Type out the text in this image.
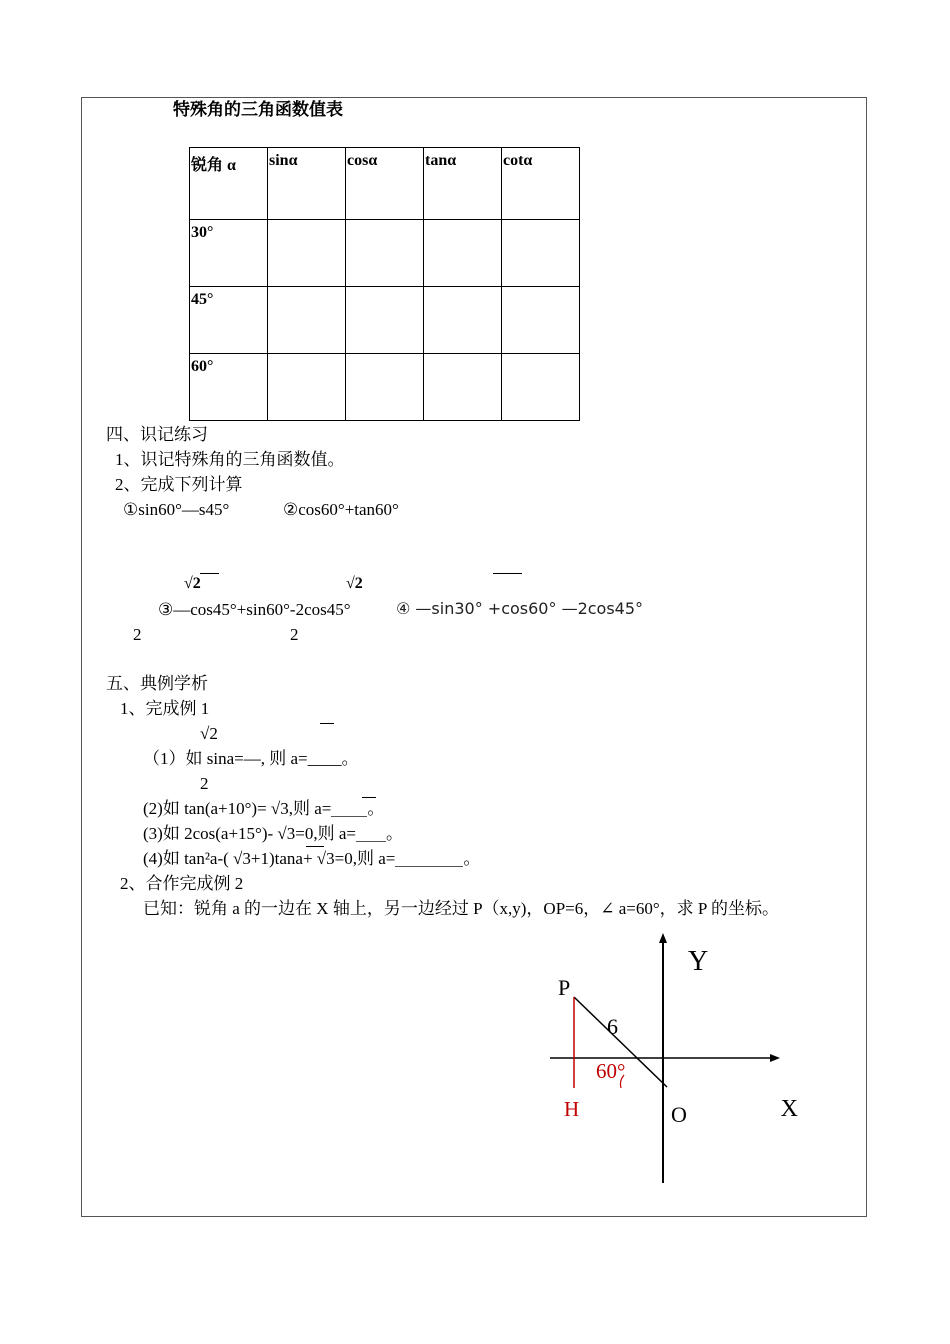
特殊角的三角函数值表
锐角 α	sinα	cosα	tanα	cotα
30°				
45°				
60°				
四、识记练习
1、识记特殊角的三角函数值。
2、完成下列计算
①sin60°—s45°	②cos60°+tan60°
√2	√2
③—cos45°+sin60°-2cos45°	④ —sin30° +cos60° —2cos45°
2	2
五、典例学析
1、完成例 1
√2
（1）如 sina=—, 则 a=____。
2
(2)如 tan(a+10°)= √3,则 a= 。
(3)如 2cos(a+15°)- √3=0,则 a= 。
(4)如 tan²a-( √3+1)tana+ √3=0,则 a=	。
2、合作完成例 2
已知：锐角 a 的一边在 X 轴上，另一边经过 P（x,y)，OP=6，∠ a=60°，求 P 的坐标。
Y
X
P
O
H
6
60°
